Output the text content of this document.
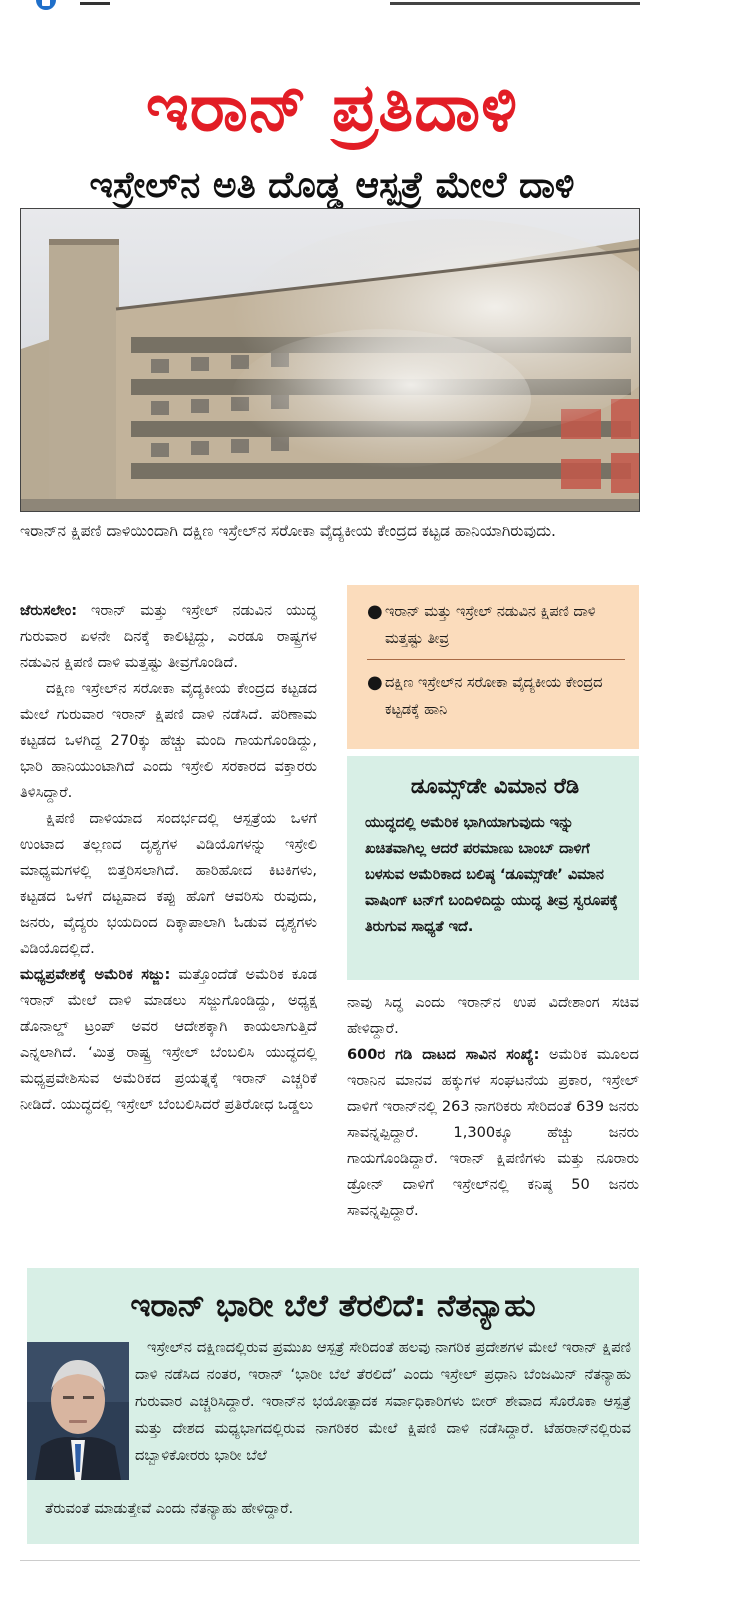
ಇರಾನ್ ಪ್ರತಿದಾಳಿ
ಇಸ್ರೇಲ್‌ನ ಅತಿ ದೊಡ್ಡ ಆಸ್ಪತ್ರೆ ಮೇಲೆ ದಾಳಿ
ಇರಾನ್‌ನ ಕ್ಷಿಪಣಿ ದಾಳಿಯಿಂದಾಗಿ ದಕ್ಷಿಣ ಇಸ್ರೇಲ್‌ನ ಸರೋಕಾ ವೈದ್ಯಕೀಯ ಕೇಂದ್ರದ ಕಟ್ಟಡ ಹಾನಿಯಾಗಿರುವುದು.

ಜೆರುಸಲೇಂ: ಇರಾನ್ ಮತ್ತು ಇಸ್ರೇಲ್ ನಡುವಿನ ಯುದ್ಧ ಗುರುವಾರ ಏಳನೇ ದಿನಕ್ಕೆ ಕಾಲಿಟ್ಟಿದ್ದು, ಎರಡೂ ರಾಷ್ಟ್ರಗಳ ನಡುವಿನ ಕ್ಷಿಪಣಿ ದಾಳಿ ಮತ್ತಷ್ಟು ತೀವ್ರಗೊಂಡಿದೆ.

ದಕ್ಷಿಣ ಇಸ್ರೇಲ್‌ನ ಸರೋಕಾ ವೈದ್ಯಕೀಯ ಕೇಂದ್ರದ ಕಟ್ಟಡದ ಮೇಲೆ ಗುರುವಾರ ಇರಾನ್ ಕ್ಷಿಪಣಿ ದಾಳಿ ನಡೆಸಿದೆ. ಪರಿಣಾಮ ಕಟ್ಟಡದ ಒಳಗಿದ್ದ 270ಕ್ಕು ಹೆಚ್ಚು ಮಂದಿ ಗಾಯಗೊಂಡಿದ್ದು, ಭಾರಿ ಹಾನಿಯುಂಟಾಗಿದೆ ಎಂದು ಇಸ್ರೇಲಿ ಸರಕಾರದ ವಕ್ತಾರರು ತಿಳಿಸಿದ್ದಾರೆ.

ಕ್ಷಿಪಣಿ ದಾಳಿಯಾದ ಸಂದರ್ಭದಲ್ಲಿ ಆಸ್ಪತ್ರೆಯ ಒಳಗೆ ಉಂಟಾದ ತಲ್ಲಣದ ದೃಶ್ಯಗಳ ವಿಡಿಯೊಗಳನ್ನು ಇಸ್ರೇಲಿ ಮಾಧ್ಯಮಗಳಲ್ಲಿ ಬಿತ್ತರಿಸಲಾಗಿದೆ. ಹಾರಿಹೋದ ಕಿಟಕಿಗಳು, ಕಟ್ಟಡದ ಒಳಗೆ ದಟ್ಟವಾದ ಕಪ್ಪು ಹೊಗೆ ಆವರಿಸು ರುವುದು, ಜನರು, ವೈದ್ಯರು ಭಯದಿಂದ ದಿಕ್ಕಾಪಾಲಾಗಿ ಓಡುವ ದೃಶ್ಯಗಳು ವಿಡಿಯೊದಲ್ಲಿದೆ.

ಮಧ್ಯಪ್ರವೇಶಕ್ಕೆ ಅಮೆರಿಕ ಸಜ್ಜು: ಮತ್ತೊಂದೆಡೆ ಅಮೆರಿಕ ಕೂಡ ಇರಾನ್ ಮೇಲೆ ದಾಳಿ ಮಾಡಲು ಸಜ್ಜುಗೊಂಡಿದ್ದು, ಅಧ್ಯಕ್ಷ ಡೊನಾಲ್ಡ್ ಟ್ರಂಪ್ ಅವರ ಆದೇಶಕ್ಕಾಗಿ ಕಾಯಲಾಗುತ್ತಿದೆ ಎನ್ನಲಾಗಿದೆ. ‘ಮಿತ್ರ ರಾಷ್ಟ್ರ ಇಸ್ರೇಲ್ ಬೆಂಬಲಿಸಿ ಯುದ್ಧದಲ್ಲಿ ಮಧ್ಯಪ್ರವೇಶಿಸುವ ಅಮೆರಿಕದ ಪ್ರಯತ್ನಕ್ಕೆ ಇರಾನ್ ಎಚ್ಚರಿಕೆ ನೀಡಿದೆ. ಯುದ್ಧದಲ್ಲಿ ಇಸ್ರೇಲ್ ಬೆಂಬಲಿಸಿದರೆ ಪ್ರತಿರೋಧ ಒಡ್ಡಲು

● ಇರಾನ್ ಮತ್ತು ಇಸ್ರೇಲ್ ನಡುವಿನ ಕ್ಷಿಪಣಿ ದಾಳಿ ಮತ್ತಷ್ಟು ತೀವ್ರ
● ದಕ್ಷಿಣ ಇಸ್ರೇಲ್‌ನ ಸರೋಕಾ ವೈದ್ಯಕೀಯ ಕೇಂದ್ರದ ಕಟ್ಟಡಕ್ಕೆ ಹಾನಿ
ಡೂಮ್ಸ್‌ಡೇ ವಿಮಾನ ರೆಡಿ
ಯುದ್ಧದಲ್ಲಿ ಅಮೆರಿಕ ಭಾಗಿಯಾಗುವುದು ಇನ್ನು ಖಚಿತವಾಗಿಲ್ಲ ಆದರೆ ಪರಮಾಣು ಬಾಂಬ್ ದಾಳಿಗೆ ಬಳಸುವ ಅಮೆರಿಕಾದ ಬಲಿಷ್ಠ ‘ಡೂಮ್ಸ್‌ಡೇ’ ವಿಮಾನ ವಾಷಿಂಗ್ ಟನ್‌ಗೆ ಬಂದಿಳಿದಿದ್ದು ಯುದ್ಧ ತೀವ್ರ ಸ್ವರೂಪಕ್ಕೆ ತಿರುಗುವ ಸಾಧ್ಯತೆ ಇದೆ.

ನಾವು ಸಿದ್ಧ ಎಂದು ಇರಾನ್‌ನ ಉಪ ವಿದೇಶಾಂಗ ಸಚಿವ ಹೇಳಿದ್ದಾರೆ.

600ರ ಗಡಿ ದಾಟದ ಸಾವಿನ ಸಂಖ್ಯೆ: ಅಮೆರಿಕ ಮೂಲದ ಇರಾನಿನ ಮಾನವ ಹಕ್ಕುಗಳ ಸಂಘಟನೆಯ ಪ್ರಕಾರ, ಇಸ್ರೇಲ್ ದಾಳಿಗೆ ಇರಾನ್‌ನಲ್ಲಿ 263 ನಾಗರಿಕರು ಸೇರಿದಂತೆ 639 ಜನರು ಸಾವನ್ನಪ್ಪಿದ್ದಾರೆ. 1,300ಕ್ಕೂ ಹೆಚ್ಚು ಜನರು ಗಾಯಗೊಂಡಿದ್ದಾರೆ. ಇರಾನ್ ಕ್ಷಿಪಣಿಗಳು ಮತ್ತು ನೂರಾರು ಡ್ರೋನ್ ದಾಳಿಗೆ ಇಸ್ರೇಲ್‌ನಲ್ಲಿ ಕನಿಷ್ಠ 50 ಜನರು ಸಾವನ್ನಪ್ಪಿದ್ದಾರೆ.

ಇರಾನ್ ಭಾರೀ ಬೆಲೆ ತೆರಲಿದೆ: ನೆತನ್ಯಾಹು
ಇಸ್ರೇಲ್‌ನ ದಕ್ಷಿಣದಲ್ಲಿರುವ ಪ್ರಮುಖ ಆಸ್ಪತ್ರೆ ಸೇರಿದಂತೆ ಹಲವು ನಾಗರಿಕ ಪ್ರದೇಶಗಳ ಮೇಲೆ ಇರಾನ್ ಕ್ಷಿಪಣಿ ದಾಳಿ ನಡೆಸಿದ ನಂತರ, ಇರಾನ್ ‘ಭಾರೀ ಬೆಲೆ ತೆರಲಿದೆ’ ಎಂದು ಇಸ್ರೇಲ್ ಪ್ರಧಾನಿ ಬೆಂಜಮಿನ್ ನೆತನ್ಯಾಹು ಗುರುವಾರ ಎಚ್ಚರಿಸಿದ್ದಾರೆ. ಇರಾನ್‌ನ ಭಯೋತ್ಪಾದಕ ಸರ್ವಾಧಿಕಾರಿಗಳು ಬೀರ್ ಶೇವಾದ ಸೊರೊಕಾ ಆಸ್ಪತ್ರೆ ಮತ್ತು ದೇಶದ ಮಧ್ಯಭಾಗದಲ್ಲಿರುವ ನಾಗರಿಕರ ಮೇಲೆ ಕ್ಷಿಪಣಿ ದಾಳಿ ನಡೆಸಿದ್ದಾರೆ. ಟೆಹರಾನ್‌ನಲ್ಲಿರುವ ದಬ್ಬಾಳಿಕೋರರು ಭಾರೀ ಬೆಲೆ
ತೆರುವಂತೆ ಮಾಡುತ್ತೇವೆ ಎಂದು ನೆತನ್ಯಾಹು ಹೇಳಿದ್ದಾರೆ.
